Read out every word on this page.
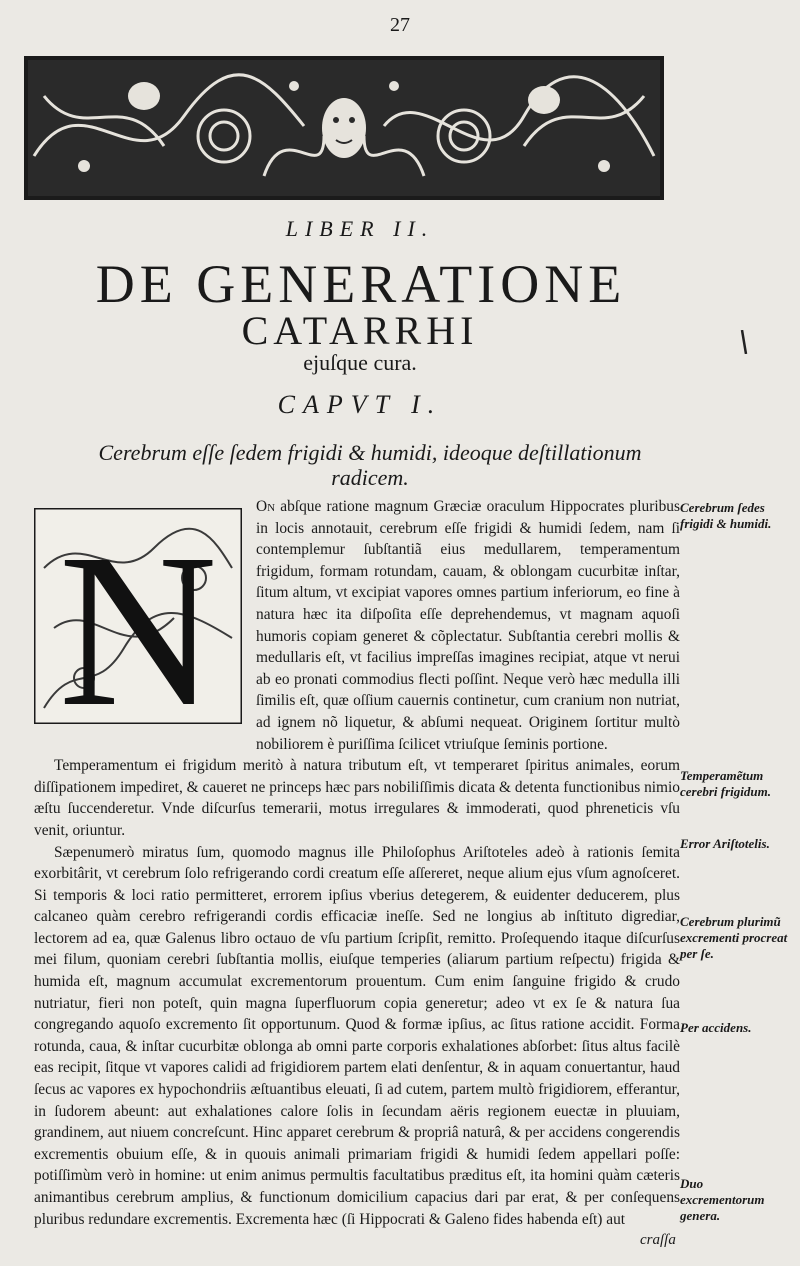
27
LIBER II.
DE GENERATIONE
CATARRHI
ejuſque cura.
CAPVT I.
Cerebrum eſſe ſedem frigidi & humidi, ideoque deſtillationum radicem.
N

On abſque ratione magnum Græciæ oraculum Hippocrates pluribus in locis annotauit, cerebrum eſſe frigidi & humidi ſedem, nam ſi contemplemur ſubſtantiã eius medullarem, temperamentum frigidum, formam rotundam, cauam, & oblongam cucurbitæ inſtar, ſitum altum, vt excipiat vapores omnes partium inferiorum, eo fine à natura hæc ita diſpoſita eſſe deprehendemus, vt magnam aquoſi humoris copiam generet & cõplectatur. Subſtantia cerebri mollis & medullaris eſt, vt facilius impreſſas imagines recipiat, atque vt nerui ab eo pronati commodius flecti poſſint. Neque verò hæc medulla illi ſimilis eſt, quæ oſſium cauernis continetur, cum cranium non nutriat, ad ignem nõ liquetur, & abſumi nequeat. Originem ſortitur multò nobiliorem è puriſſima ſcilicet vtriuſque ſeminis portione.

Temperamentum ei frigidum meritò à natura tributum eſt, vt temperaret ſpiritus animales, eorum diſſipationem impediret, & caueret ne princeps hæc pars nobiliſſimis dicata & detenta functionibus nimio æſtu ſuccenderetur. Vnde diſcurſus temerarii, motus irregulares & immoderati, quod phreneticis vſu venit, oriuntur.

Sæpenumerò miratus ſum, quomodo magnus ille Philoſophus Ariſtoteles adeò à rationis ſemita exorbitârit, vt cerebrum ſolo refrigerando cordi creatum eſſe aſſereret, neque alium ejus vſum agnoſceret. Si temporis & loci ratio permitteret, errorem ipſius vberius detegerem, & euidenter deducerem, plus calcaneo quàm cerebro refrigerandi cordis efficaciæ ineſſe. Sed ne longius ab inſtituto digrediar, lectorem ad ea, quæ Galenus libro octauo de vſu partium ſcripſit, remitto. Proſequendo itaque diſcurſus mei filum, quoniam cerebri ſubſtantia mollis, eiuſque temperies (aliarum partium reſpectu) frigida & humida eſt, magnum accumulat excrementorum prouentum. Cum enim ſanguine frigido & crudo nutriatur, fieri non poteſt, quin magna ſuperfluorum copia generetur; adeo vt ex ſe & natura ſua congregando aquoſo excremento ſit opportunum. Quod & formæ ipſius, ac ſitus ratione accidit. Forma rotunda, caua, & inſtar cucurbitæ oblonga ab omni parte corporis exhalationes abſorbet: ſitus altus facilè eas recipit, ſitque vt vapores calidi ad frigidiorem partem elati denſentur, & in aquam conuertantur, haud ſecus ac vapores ex hypochondriis æſtuantibus eleuati, ſi ad cutem, partem multò frigidiorem, efferantur, in ſudorem abeunt: aut exhalationes calore ſolis in ſecundam aëris regionem euectæ in pluuiam, grandinem, aut niuem concreſcunt. Hinc apparet cerebrum & propriâ naturâ, & per accidens congerendis excrementis obuium eſſe, & in quouis animali primariam frigidi & humidi ſedem appellari poſſe: potiſſimùm verò in homine: ut enim animus permultis facultatibus præditus eſt, ita homini quàm cæteris animantibus cerebrum amplius, & functionum domicilium capacius dari par erat, & per conſequens pluribus redundare excrementis. Excrementa hæc (ſi Hippocrati & Galeno fides habenda eſt) aut

Cerebrum ſedes frigidi & humidi.
Temperamẽtum cerebri frigidum.
Error Ariſtotelis.
Cerebrum plurimũ excrementi procreat per ſe.
Per accidens.
Duo excrementorum genera.
craſſa
